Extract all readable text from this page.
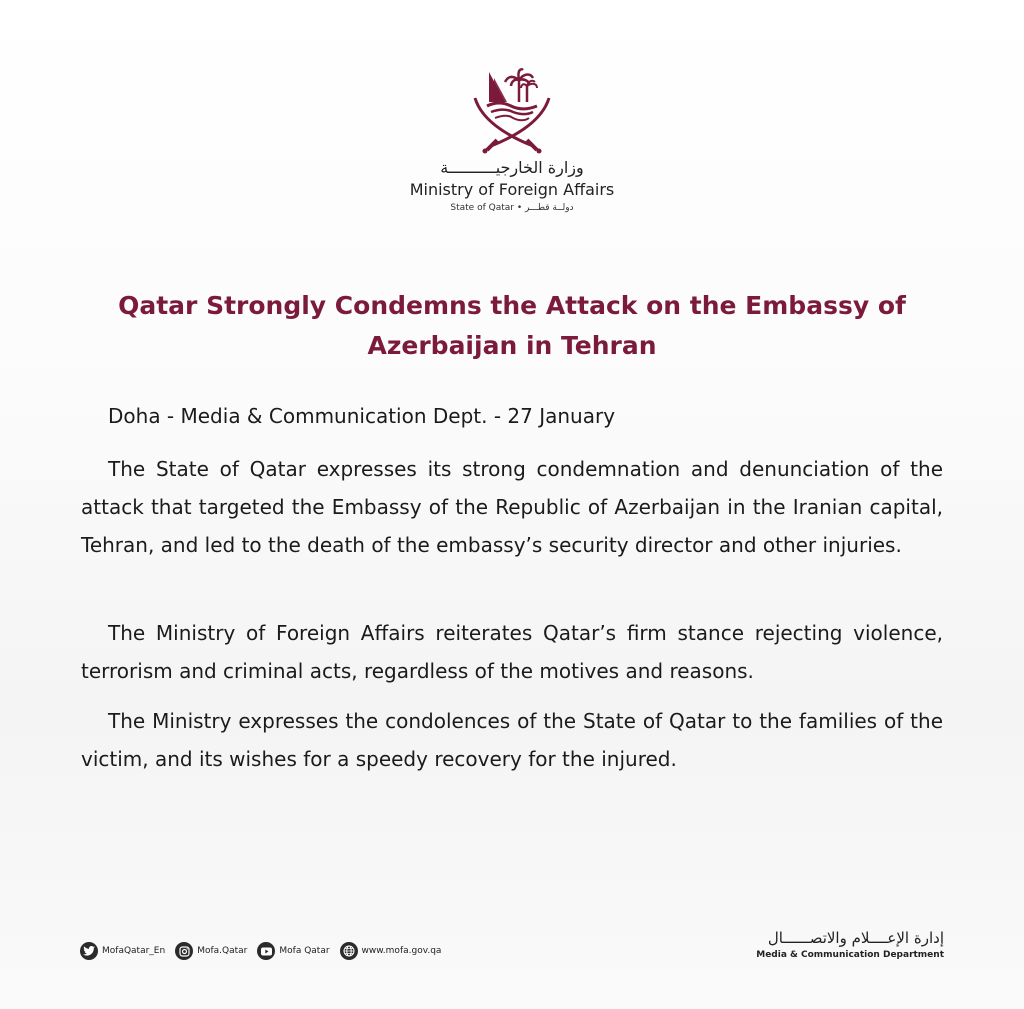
وزارة الخارجيــــــــــة
Ministry of Foreign Affairs
State of Qatar • دولــة قطـــر
Qatar Strongly Condemns the Attack on the Embassy of Azerbaijan in Tehran
Doha - Media & Communication Dept. - 27 January
The State of Qatar expresses its strong condemnation and denunciation of the attack that targeted the Embassy of the Republic of Azerbaijan in the Iranian capital, Tehran, and led to the death of the embassy’s security director and other injuries.
The Ministry of Foreign Affairs reiterates Qatar’s firm stance rejecting violence, terrorism and criminal acts, regardless of the motives and reasons.
The Ministry expresses the condolences of the State of Qatar to the families of the victim, and its wishes for a speedy recovery for the injured.
MofaQatar_En	Mofa.Qatar	Mofa Qatar	www.mofa.gov.qa
إدارة الإعــــلام والاتصــــــال
Media & Communication Department
